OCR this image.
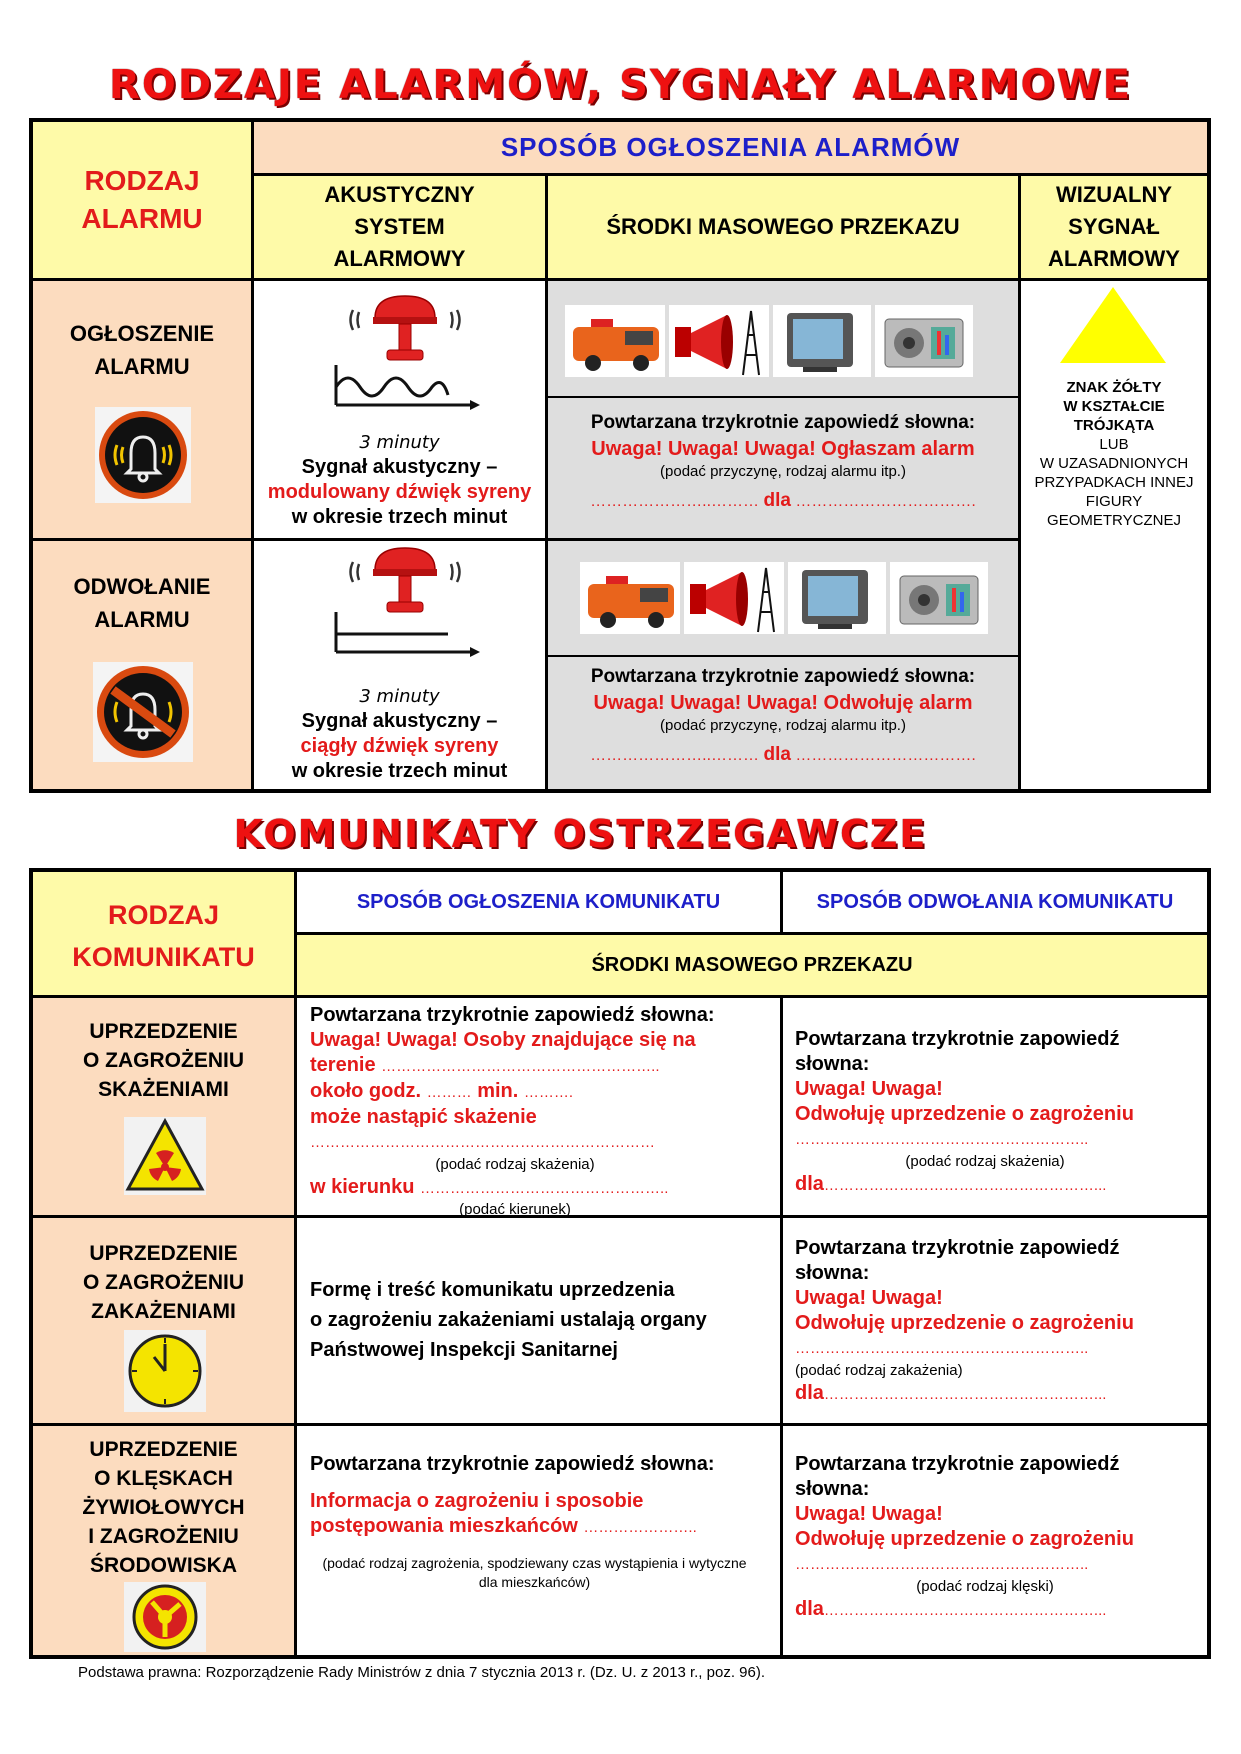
RODZAJE ALARMÓW, SYGNAŁY ALARMOWE
RODZAJ
ALARMU
SPOSÓB OGŁOSZENIA ALARMÓW
AKUSTYCZNY
SYSTEM
ALARMOWY
ŚRODKI MASOWEGO PRZEKAZU
WIZUALNY
SYGNAŁ
ALARMOWY
OGŁOSZENIE
ALARMU
ODWOŁANIE
ALARMU
3 minuty
Sygnał akustyczny –
modulowany dźwięk syreny
w okresie trzech minut
3 minuty
Sygnał akustyczny –
ciągły dźwięk syreny
w okresie trzech minut
Powtarzana trzykrotnie zapowiedź słowna:
Uwaga! Uwaga! Uwaga! Ogłaszam alarm
(podać przyczynę, rodzaj alarmu itp.)
…………………..……… dla …………………………….
Powtarzana trzykrotnie zapowiedź słowna:
Uwaga! Uwaga! Uwaga! Odwołuję alarm
(podać przyczynę, rodzaj alarmu itp.)
…………………..……… dla …………………………….
ZNAK ŻÓŁTY
W KSZTAŁCIE
TRÓJKĄTA
LUB
W UZASADNIONYCH
PRZYPADKACH INNEJ
FIGURY
GEOMETRYCZNEJ
KOMUNIKATY OSTRZEGAWCZE
RODZAJ
KOMUNIKATU
SPOSÓB OGŁOSZENIA KOMUNIKATU	SPOSÓB ODWOŁANIA KOMUNIKATU
ŚRODKI MASOWEGO PRZEKAZU
UPRZEDZENIE
O ZAGROŻENIU
SKAŻENIAMI
UPRZEDZENIE
O ZAGROŻENIU
ZAKAŻENIAMI
UPRZEDZENIE
O KLĘSKACH
ŻYWIOŁOWYCH
I ZAGROŻENIU
ŚRODOWISKA
Powtarzana trzykrotnie zapowiedź słowna:
Uwaga! Uwaga! Osoby znajdujące się na
terenie ………………………………………………..
około godz. ……… min. ……….
może nastąpić skażenie
……………………………………………………………
(podać rodzaj skażenia)
w kierunku …………………………………………..
(podać kierunek)
Powtarzana trzykrotnie zapowiedź
słowna:
Uwaga! Uwaga!
Odwołuję uprzedzenie o zagrożeniu
…………………………………………………..
(podać rodzaj skażenia)
dla………………………………………………...
Formę i treść komunikatu uprzedzenia
o zagrożeniu zakażeniami ustalają organy
Państwowej Inspekcji Sanitarnej
Powtarzana trzykrotnie zapowiedź
słowna:
Uwaga! Uwaga!
Odwołuję uprzedzenie o zagrożeniu
…………………………………………………..
(podać rodzaj zakażenia)
dla………………………………………………...
Powtarzana trzykrotnie zapowiedź słowna:
Informacja o zagrożeniu i sposobie
postępowania mieszkańców …………………..
(podać rodzaj zagrożenia, spodziewany czas wystąpienia i wytyczne
dla mieszkańców)
Powtarzana trzykrotnie zapowiedź
słowna:
Uwaga! Uwaga!
Odwołuję uprzedzenie o zagrożeniu
…………………………………………………..
(podać rodzaj klęski)
dla………………………………………………...
Podstawa prawna: Rozporządzenie Rady Ministrów z dnia 7 stycznia 2013 r. (Dz. U. z 2013 r., poz. 96).
